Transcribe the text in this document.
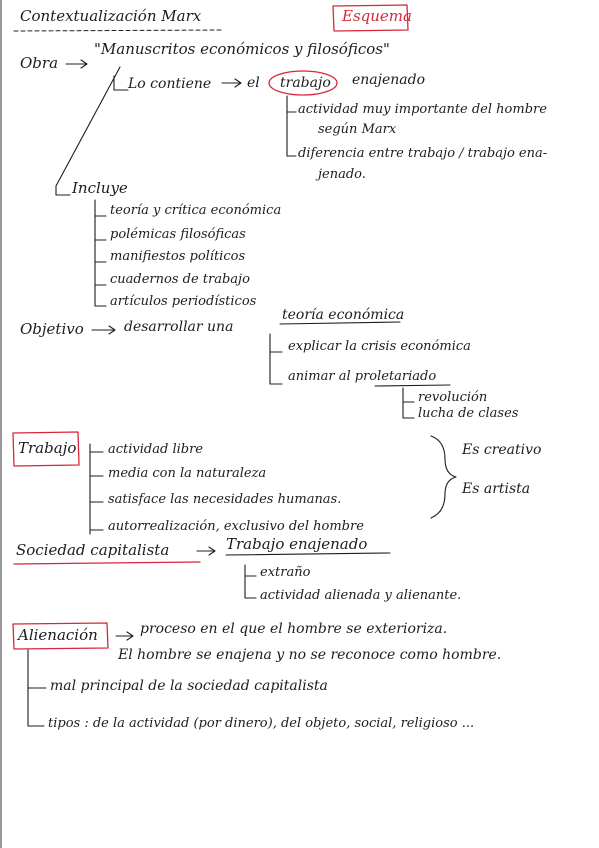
Contextualización Marx	Esquema
Obra
"Manuscritos económicos y filosóficos"
Lo contiene	el trabajo enajenado
actividad muy importante del hombre
según Marx
diferencia entre trabajo / trabajo ena-
jenado.
Incluye
teoría y crítica económica
polémicas filosóficas
manifiestos políticos
cuadernos de trabajo
artículos periodísticos
Objetivo	desarrollar una
teoría económica
explicar la crisis económica
animar al proletariado
revolución
lucha de clases
Trabajo actividad libre
media con la naturaleza
satisface las necesidades humanas.
autorrealización, exclusivo del hombre
Es creativo
Es artista
Sociedad capitalista	Trabajo enajenado
extraño
actividad alienada y alienante.
Alienación	proceso en el que el hombre se exterioriza.
El hombre se enajena y no se reconoce como hombre.
mal principal de la sociedad capitalista
tipos : de la actividad (por dinero), del objeto, social, religioso ...
